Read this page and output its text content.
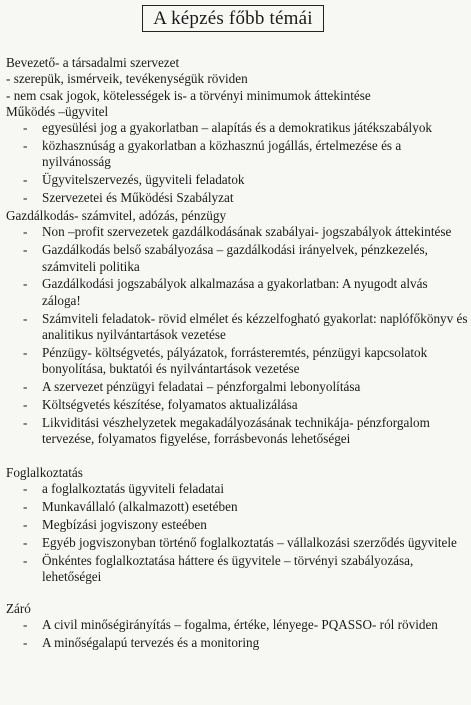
A képzés főbb témái
Bevezető- a társadalmi szervezet
- szerepük, ismérveik, tevékenységük röviden
- nem csak jogok, kötelességek is- a törvényi minimumok áttekintése
Működés –ügyvitel
- egyesülési jog a gyakorlatban – alapítás és a demokratikus játékszabályok
- közhasznúság a gyakorlatban a közhasznú jogállás, értelmezése és a nyilvánosság
- Ügyvitelszervezés, ügyviteli feladatok
- Szervezetei és Működési Szabályzat
Gazdálkodás- számvitel, adózás, pénzügy
- Non –profit szervezetek gazdálkodásának szabályai- jogszabályok áttekintése
- Gazdálkodás belső szabályozása – gazdálkodási irányelvek, pénzkezelés, számviteli politika
- Gazdálkodási jogszabályok alkalmazása a gyakorlatban: A nyugodt alvás záloga!
- Számviteli feladatok- rövid elmélet és kézzelfogható gyakorlat: naplófőkönyv és analitikus nyilvántartások vezetése
- Pénzügy- költségvetés, pályázatok, forrásteremtés, pénzügyi kapcsolatok bonyolítása, buktatói és nyilvántartások vezetése
- A szervezet pénzügyi feladatai – pénzforgalmi lebonyolítása
- Költségvetés készítése, folyamatos aktualizálása
- Likviditási vészhelyzetek megakadályozásának technikája- pénzforgalom tervezése, folyamatos figyelése, forrásbevonás lehetőségei
Foglalkoztatás
- a foglalkoztatás ügyviteli feladatai
- Munkavállaló (alkalmazott) esetében
- Megbízási jogviszony esteében
- Egyéb jogviszonyban történő foglalkoztatás – vállalkozási szerződés ügyvitele
- Önkéntes foglalkoztatása háttere és ügyvitele – törvényi szabályozása, lehetőségei
Záró
- A civil minőségirányítás – fogalma, értéke, lényege- PQASSO- ról röviden
- A minőségalapú tervezés és a monitoring
